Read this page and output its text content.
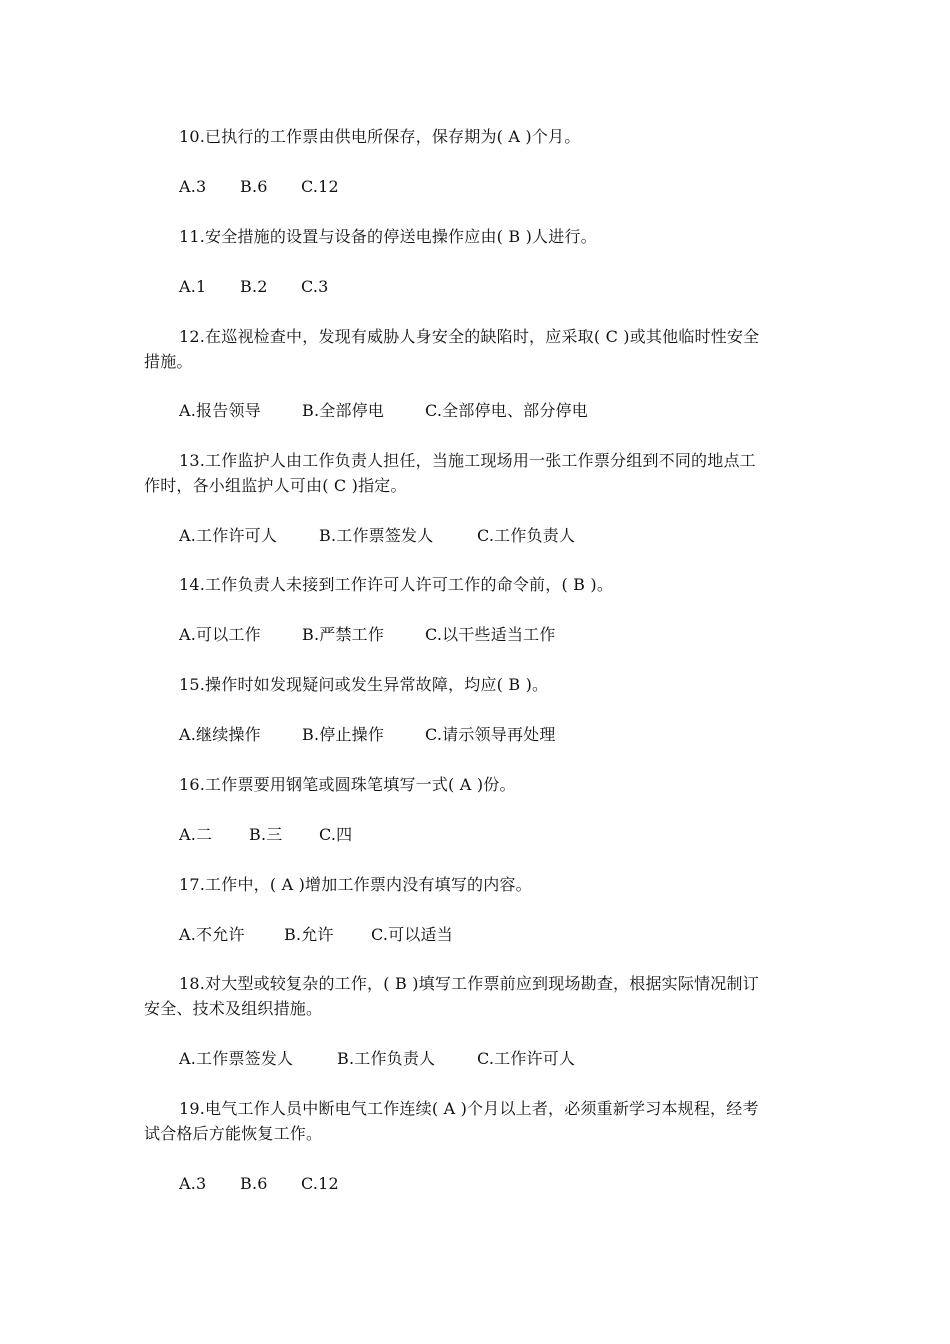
10.已执行的工作票由供电所保存，保存期为( A )个月。

A.3	B.6	C.12

11.安全措施的设置与设备的停送电操作应由( B )人进行。

A.1	B.2	C.3

12.在巡视检查中，发现有威胁人身安全的缺陷时，应采取( C )或其他临时性安全

措施。

A.报告领导	B.全部停电	C.全部停电、部分停电

13.工作监护人由工作负责人担任，当施工现场用一张工作票分组到不同的地点工

作时，各小组监护人可由( C )指定。

A.工作许可人	B.工作票签发人	C.工作负责人

14.工作负责人未接到工作许可人许可工作的命令前，( B )。

A.可以工作	B.严禁工作	C.以干些适当工作

15.操作时如发现疑问或发生异常故障，均应( B )。

A.继续操作	B.停止操作	C.请示领导再处理

16.工作票要用钢笔或圆珠笔填写一式( A )份。

A.二	B.三	C.四

17.工作中，( A )增加工作票内没有填写的内容。

A.不允许	B.允许	C.可以适当

18.对大型或较复杂的工作，( B )填写工作票前应到现场勘查，根据实际情况制订

安全、技术及组织措施。

A.工作票签发人	B.工作负责人	C.工作许可人

19.电气工作人员中断电气工作连续( A )个月以上者，必须重新学习本规程，经考

试合格后方能恢复工作。

A.3	B.6	C.12
